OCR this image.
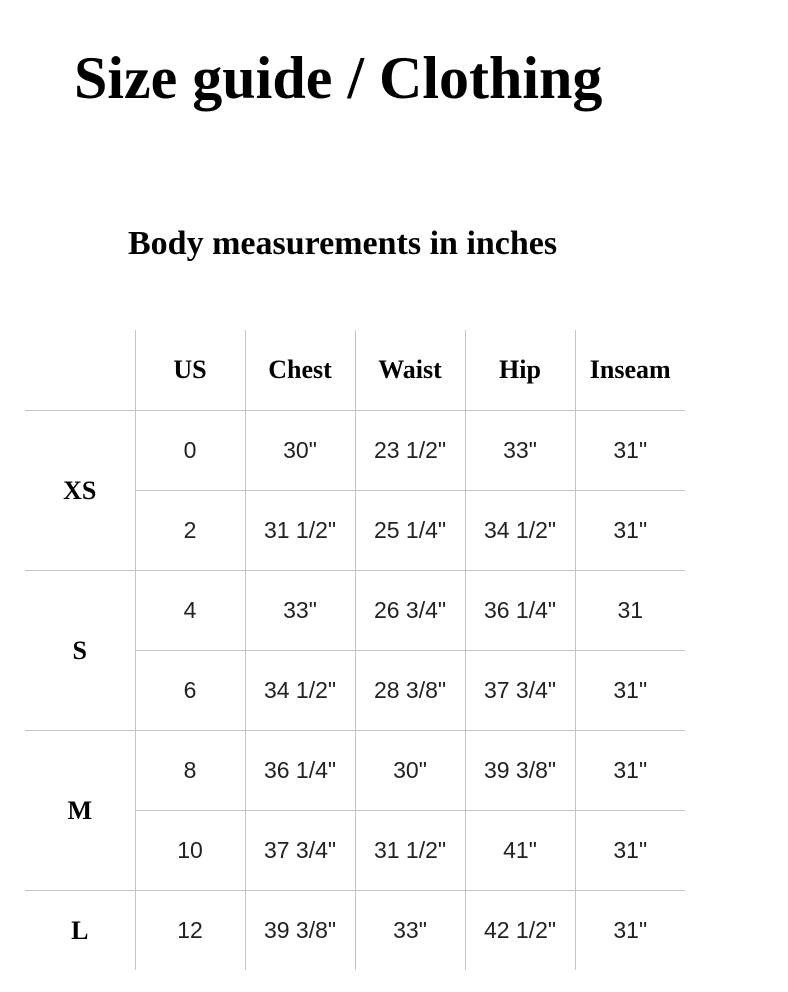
Size guide / Clothing
Body measurements in inches
	US	Chest	Waist	Hip	Inseam
XS	0	30"	23 1/2"	33"	31"
	2	31 1/2"	25 1/4"	34 1/2"	31"
S	4	33"	26 3/4"	36 1/4"	31
	6	34 1/2"	28 3/8"	37 3/4"	31"
M	8	36 1/4"	30"	39 3/8"	31"
	10	37 3/4"	31 1/2"	41"	31"
L	12	39 3/8"	33"	42 1/2"	31"
